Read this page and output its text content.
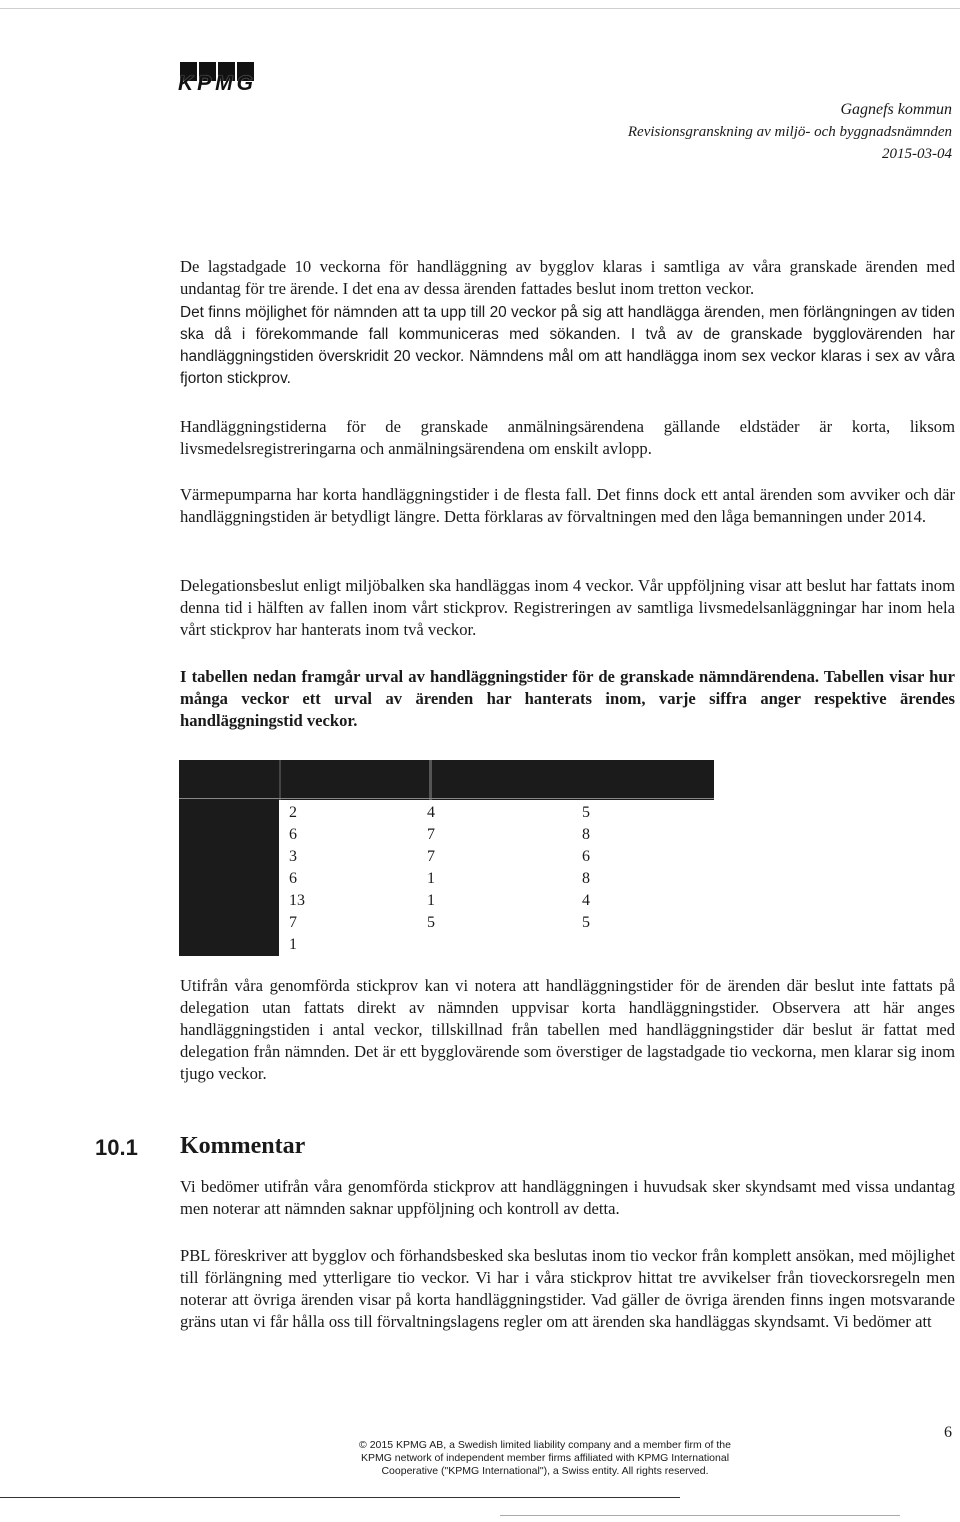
KPMG
Gagnefs kommun
Revisionsgranskning av miljö- och byggnadsnämnden
2015-03-04

De lagstadgade 10 veckorna för handläggning av bygglov klaras i samtliga av våra granskade ärenden med undantag för tre ärende. I det ena av dessa ärenden fattades beslut inom tretton veckor.

Det finns möjlighet för nämnden att ta upp till 20 veckor på sig att handlägga ärenden, men förlängningen av tiden ska då i förekommande fall kommuniceras med sökanden. I två av de granskade bygglovärenden har handläggningstiden överskridit 20 veckor. Nämndens mål om att handlägga inom sex veckor klaras i sex av våra fjorton stickprov.

Handläggningstiderna för de granskade anmälningsärendena gällande eldstäder är korta, liksom livsmedelsregistreringarna och anmälningsärendena om enskilt avlopp.

Värmepumparna har korta handläggningstider i de flesta fall. Det finns dock ett antal ärenden som avviker och där handläggningstiden är betydligt längre. Detta förklaras av förvaltningen med den låga bemanningen under 2014.

Delegationsbeslut enligt miljöbalken ska handläggas inom 4 veckor. Vår uppföljning visar att beslut har fattats inom denna tid i hälften av fallen inom vårt stickprov. Registreringen av samtliga livsmedelsanläggningar har inom hela vårt stickprov har hanterats inom två veckor.

I tabellen nedan framgår urval av handläggningstider för de granskade nämndärendena. Tabellen visar hur många veckor ett urval av ärenden har hanterats inom, varje siffra anger respektive ärendes handläggningstid veckor.

2	4	5
6	7	8
3	7	6
6	1	8
13	1	4
7	5	5
1

Utifrån våra genomförda stickprov kan vi notera att handläggningstider för de ärenden där beslut inte fattats på delegation utan fattats direkt av nämnden uppvisar korta handläggningstider. Observera att här anges handläggningstiden i antal veckor, tillskillnad från tabellen med handläggningstider där beslut är fattat med delegation från nämnden. Det är ett bygglovärende som överstiger de lagstadgade tio veckorna, men klarar sig inom tjugo veckor.

10.1 Kommentar

Vi bedömer utifrån våra genomförda stickprov att handläggningen i huvudsak sker skyndsamt med vissa undantag men noterar att nämnden saknar uppföljning och kontroll av detta.

PBL föreskriver att bygglov och förhandsbesked ska beslutas inom tio veckor från komplett ansökan, med möjlighet till förlängning med ytterligare tio veckor. Vi har i våra stickprov hittat tre avvikelser från tioveckorsregeln men noterar att övriga ärenden visar på korta handläggningstider. Vad gäller de övriga ärenden finns ingen motsvarande gräns utan vi får hålla oss till förvaltningslagens regler om att ärenden ska handläggas skyndsamt. Vi bedömer att

6
© 2015 KPMG AB, a Swedish limited liability company and a member firm of the
KPMG network of independent member firms affiliated with KPMG International
Cooperative ("KPMG International"), a Swiss entity. All rights reserved.
